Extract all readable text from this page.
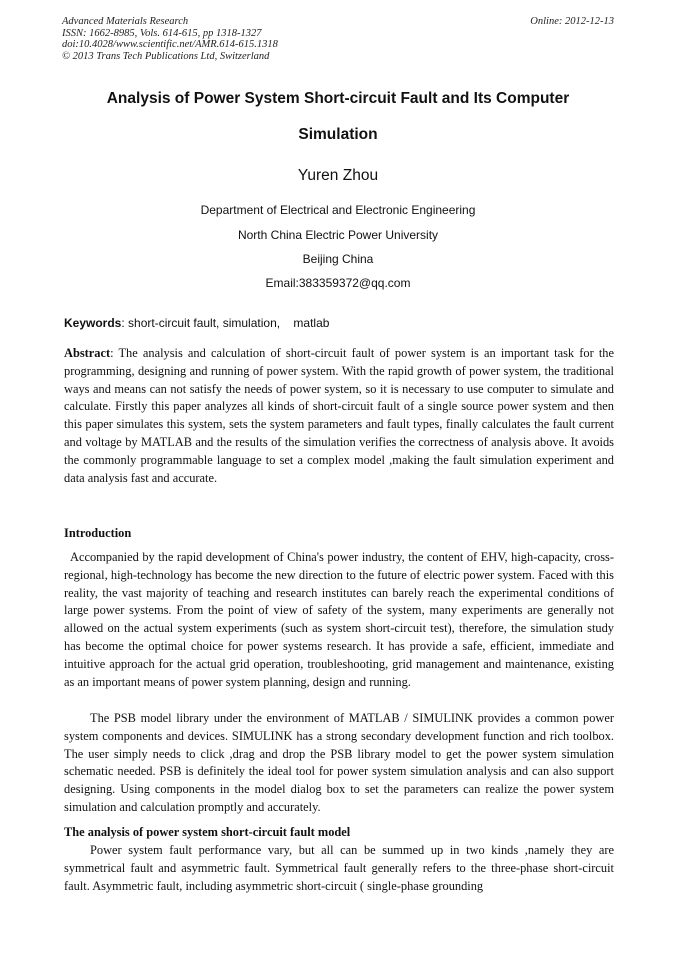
Advanced Materials Research
ISSN: 1662-8985, Vols. 614-615, pp 1318-1327
doi:10.4028/www.scientific.net/AMR.614-615.1318
© 2013 Trans Tech Publications Ltd, Switzerland
Online: 2012-12-13
Analysis of Power System Short-circuit Fault and Its Computer
Simulation
Yuren Zhou
Department of Electrical and Electronic Engineering
North China Electric Power University
Beijing China
Email:383359372@qq.com
Keywords: short-circuit fault, simulation,    matlab
Abstract: The analysis and calculation of short-circuit fault of power system is an important task for the programming, designing and running of power system. With the rapid growth of power system, the traditional ways and means can not satisfy the needs of power system, so it is necessary to use computer to simulate and calculate. Firstly this paper analyzes all kinds of short-circuit fault of a single source power system and then this paper simulates this system, sets the system parameters and fault types, finally calculates the fault current and voltage by MATLAB and the results of the simulation verifies the correctness of analysis above. It avoids the commonly programmable language to set a complex model ,making the fault simulation experiment and data analysis fast and accurate.
Introduction
Accompanied by the rapid development of China's power industry, the content of EHV, high-capacity, cross-regional, high-technology has become the new direction to the future of electric power system. Faced with this reality, the vast majority of teaching and research institutes can barely reach the experimental conditions of large power systems. From the point of view of safety of the system, many experiments are generally not allowed on the actual system experiments (such as system short-circuit test), therefore, the simulation study has become the optimal choice for power systems research. It has provide a safe, efficient, immediate and intuitive approach for the actual grid operation, troubleshooting, grid management and maintenance, existing as an important means of power system planning, design and running.
The PSB model library under the environment of MATLAB / SIMULINK provides a common power system components and devices. SIMULINK has a strong secondary development function and rich toolbox. The user simply needs to click ,drag and drop the PSB library model to get the power system simulation schematic needed. PSB is definitely the ideal tool for power system simulation analysis and can also support designing. Using components in the model dialog box to set the parameters can realize the power system simulation and calculation promptly and accurately.
The analysis of power system short-circuit fault model
Power system fault performance vary, but all can be summed up in two kinds ,namely they are symmetrical fault and asymmetric fault. Symmetrical fault generally refers to the three-phase short-circuit fault. Asymmetric fault, including asymmetric short-circuit ( single-phase grounding
